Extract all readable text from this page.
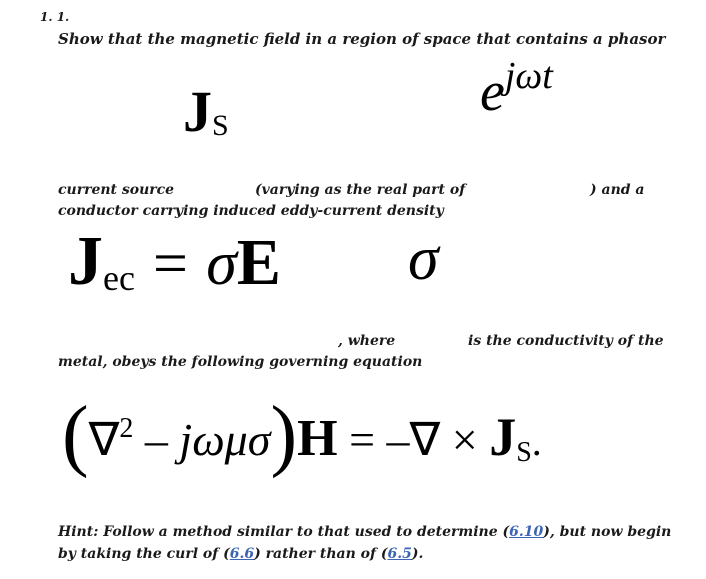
1. 1.
Show that the magnetic field in a region of space that contains a phasor
JS
ejωt
current source	(varying as the real part of	) and a
conductor carrying induced eddy-current density
Jec = σE σ
, where	is the conductivity of the
metal, obeys the following governing equation
(∇2 – jωμσ)H = –∇ × JS.
Hint: Follow a method similar to that used to determine (6.10), but now begin
by taking the curl of (6.6) rather than of (6.5).
